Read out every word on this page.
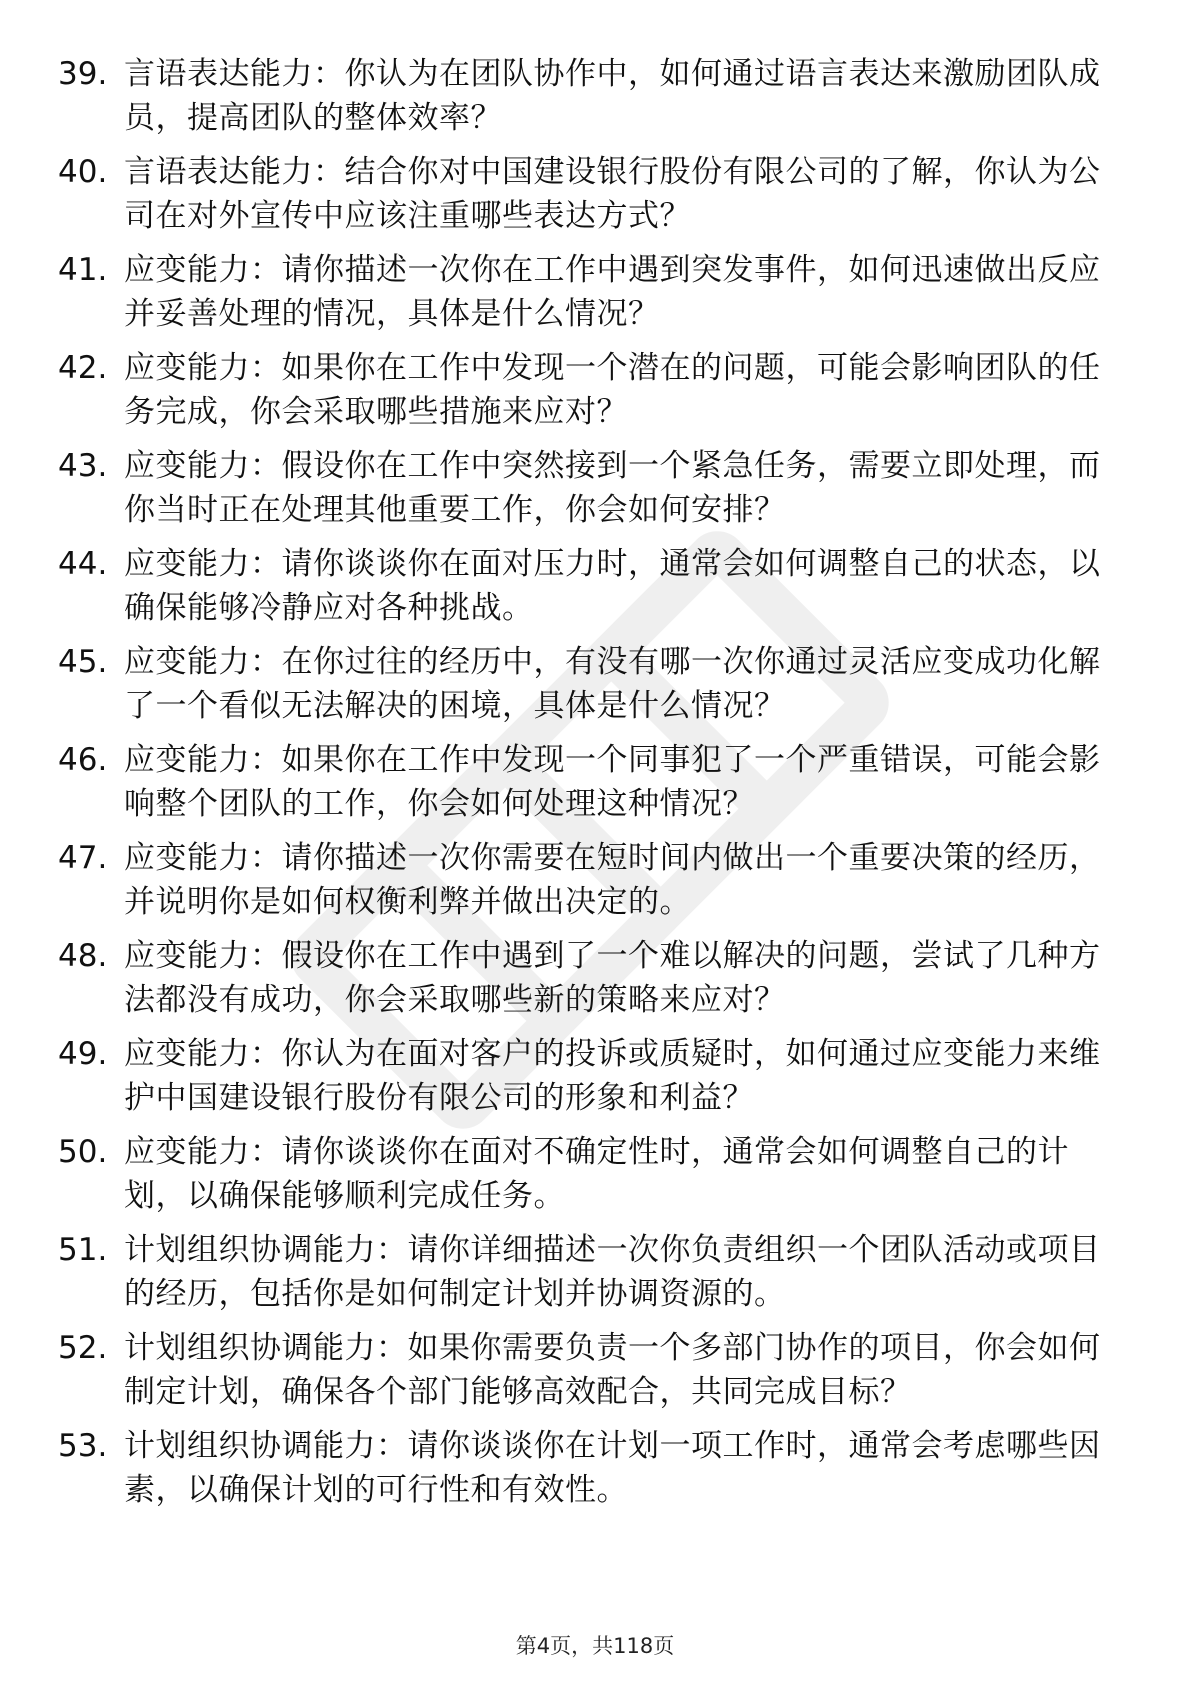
39. 言语表达能力：你认为在团队协作中，如何通过语言表达来激励团队成员，提高团队的整体效率？
40. 言语表达能力：结合你对中国建设银行股份有限公司的了解，你认为公司在对外宣传中应该注重哪些表达方式？
41. 应变能力：请你描述一次你在工作中遇到突发事件，如何迅速做出反应并妥善处理的情况，具体是什么情况？
42. 应变能力：如果你在工作中发现一个潜在的问题，可能会影响团队的任务完成，你会采取哪些措施来应对？
43. 应变能力：假设你在工作中突然接到一个紧急任务，需要立即处理，而你当时正在处理其他重要工作，你会如何安排？
44. 应变能力：请你谈谈你在面对压力时，通常会如何调整自己的状态，以确保能够冷静应对各种挑战。
45. 应变能力：在你过往的经历中，有没有哪一次你通过灵活应变成功化解了一个看似无法解决的困境，具体是什么情况？
46. 应变能力：如果你在工作中发现一个同事犯了一个严重错误，可能会影响整个团队的工作，你会如何处理这种情况？
47. 应变能力：请你描述一次你需要在短时间内做出一个重要决策的经历，并说明你是如何权衡利弊并做出决定的。
48. 应变能力：假设你在工作中遇到了一个难以解决的问题，尝试了几种方法都没有成功，你会采取哪些新的策略来应对？
49. 应变能力：你认为在面对客户的投诉或质疑时，如何通过应变能力来维护中国建设银行股份有限公司的形象和利益？
50. 应变能力：请你谈谈你在面对不确定性时，通常会如何调整自己的计划，以确保能够顺利完成任务。
51. 计划组织协调能力：请你详细描述一次你负责组织一个团队活动或项目的经历，包括你是如何制定计划并协调资源的。
52. 计划组织协调能力：如果你需要负责一个多部门协作的项目，你会如何制定计划，确保各个部门能够高效配合，共同完成目标？
53. 计划组织协调能力：请你谈谈你在计划一项工作时，通常会考虑哪些因素，以确保计划的可行性和有效性。
第4页，共118页
